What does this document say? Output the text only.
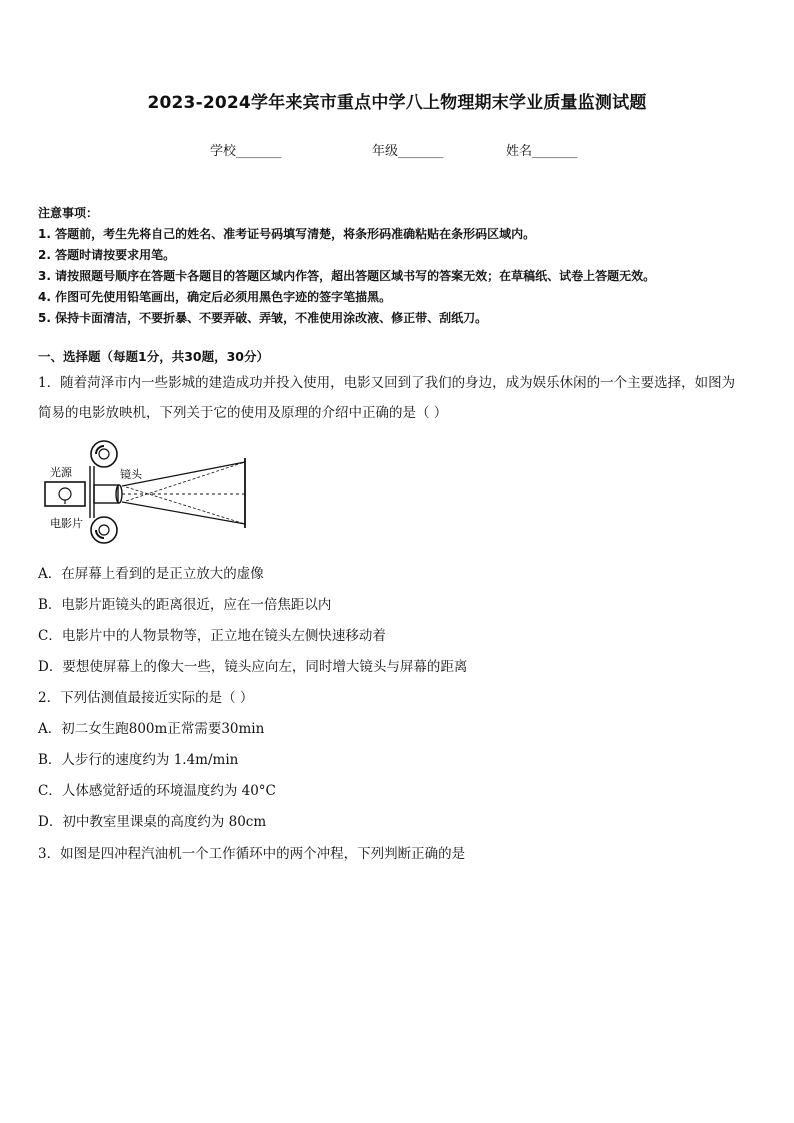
2023-2024学年来宾市重点中学八上物理期末学业质量监测试题
学校_______	年级_______	姓名_______
注意事项：
1. 答题前，考生先将自己的姓名、准考证号码填写清楚，将条形码准确粘贴在条形码区域内。
2. 答题时请按要求用笔。
3. 请按照题号顺序在答题卡各题目的答题区域内作答，超出答题区域书写的答案无效；在草稿纸、试卷上答题无效。
4. 作图可先使用铅笔画出，确定后必须用黑色字迹的签字笔描黑。
5. 保持卡面清洁，不要折暴、不要弄破、弄皱，不准使用涂改液、修正带、刮纸刀。
一、选择题（每题1分，共30题，30分）
1．随着菏泽市内一些影城的建造成功并投入使用，电影又回到了我们的身边，成为娱乐休闲的一个主要选择，如图为
简易的电影放映机，下列关于它的使用及原理的介绍中正确的是（ ）
光源	镜头
电影片
A．在屏幕上看到的是正立放大的虚像
B．电影片距镜头的距离很近，应在一倍焦距以内
C．电影片中的人物景物等，正立地在镜头左侧快速移动着
D．要想使屏幕上的像大一些，镜头应向左，同时增大镜头与屏幕的距离
2．下列估测值最接近实际的是（ ）
A．初二女生跑800m正常需要30min
B．人步行的速度约为 1.4m/min
C．人体感觉舒适的环境温度约为 40°C
D．初中教室里课桌的高度约为 80cm
3．如图是四冲程汽油机一个工作循环中的两个冲程，下列判断正确的是
